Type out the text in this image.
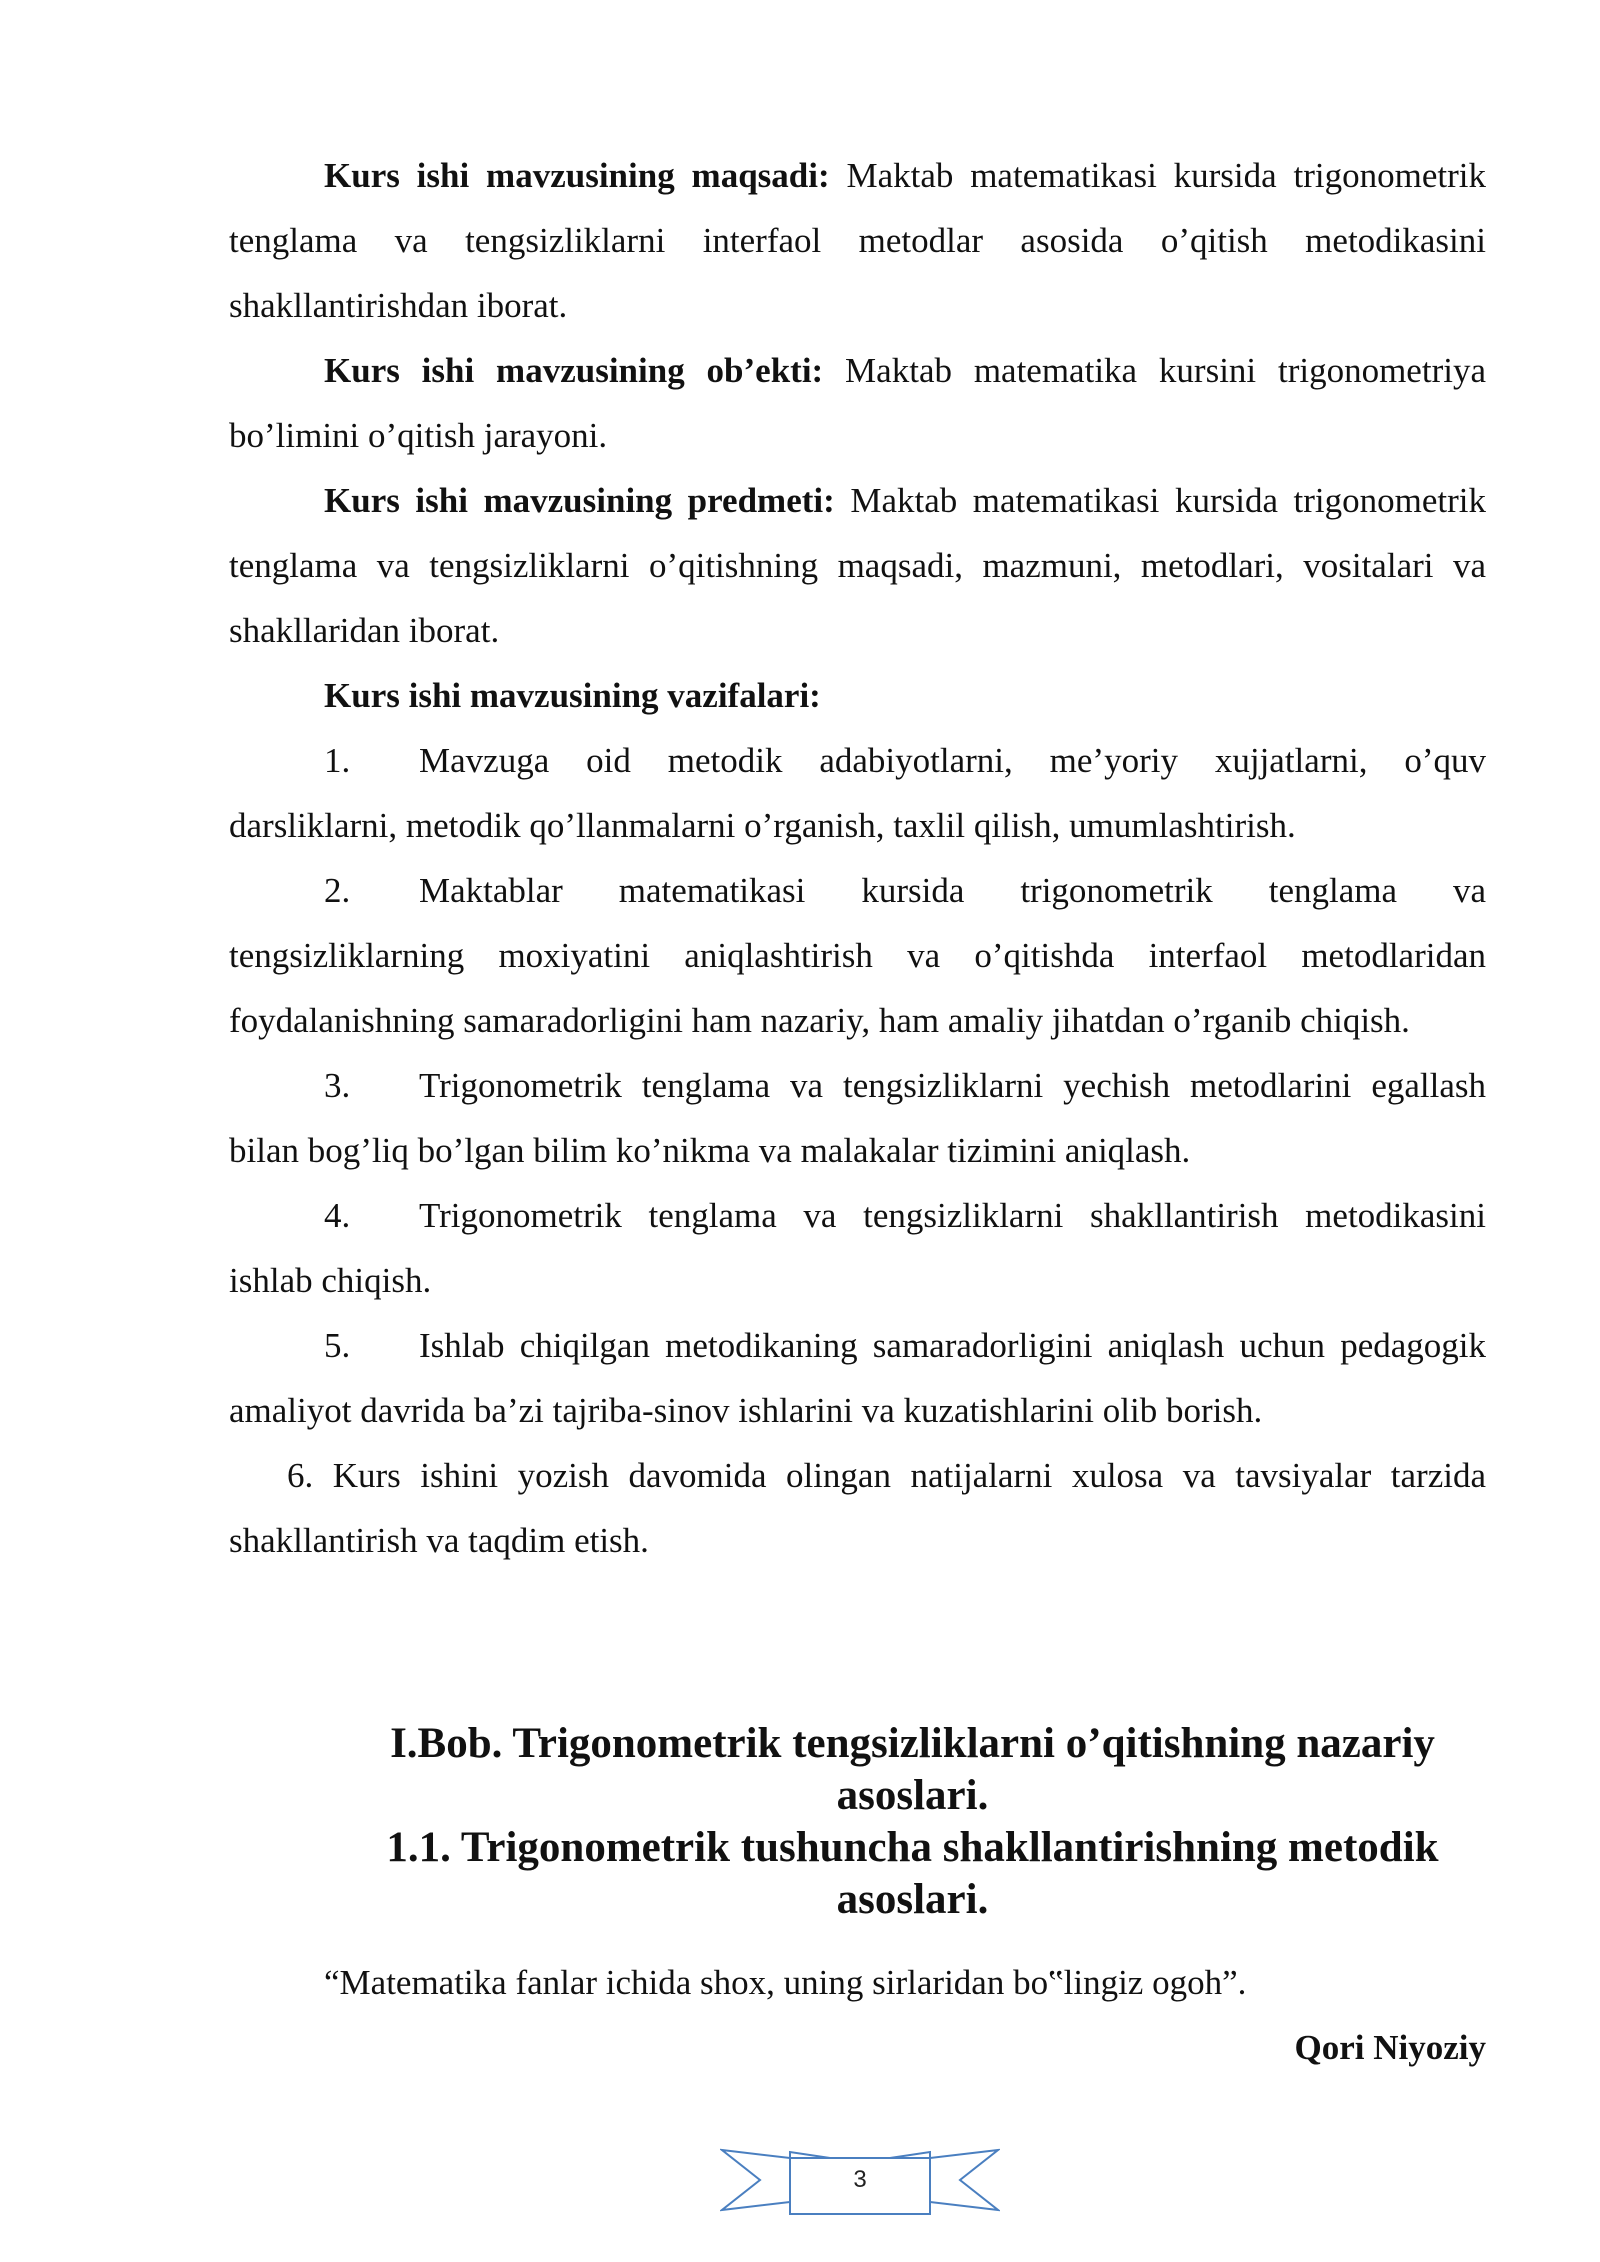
Kurs ishi mavzusining maqsadi: Maktab matematikasi kursida trigonometrik tenglama va tengsizliklarni interfaol metodlar asosida o’qitish metodikasini shakllantirishdan iborat.

Kurs ishi mavzusining ob’ekti: Maktab matematika kursini trigonometriya bo’limini o’qitish jarayoni.

Kurs ishi mavzusining predmeti: Maktab matematikasi kursida trigonometrik tenglama va tengsizliklarni o’qitishning maqsadi, mazmuni, metodlari, vositalari va shakllaridan iborat.

Kurs ishi mavzusining vazifalari:

1. Mavzuga oid metodik adabiyotlarni, me’yoriy xujjatlarni, o’quv darsliklarni, metodik qo’llanmalarni o’rganish, taxlil qilish, umumlashtirish.

2. Maktablar matematikasi kursida trigonometrik tenglama va tengsizliklarning moxiyatini aniqlashtirish va o’qitishda interfaol metodlaridan foydalanishning samaradorligini ham nazariy, ham amaliy jihatdan o’rganib chiqish.

3. Trigonometrik tenglama va tengsizliklarni yechish metodlarini egallash bilan bog’liq bo’lgan bilim ko’nikma va malakalar tizimini aniqlash.

4. Trigonometrik tenglama va tengsizliklarni shakllantirish metodikasini ishlab chiqish.

5. Ishlab chiqilgan metodikaning samaradorligini aniqlash uchun pedagogik amaliyot davrida ba’zi tajriba-sinov ishlarini va kuzatishlarini olib borish.

6. Kurs ishini yozish davomida olingan natijalarni xulosa va tavsiyalar tarzida shakllantirish va taqdim etish.

I.Bob. Trigonometrik tengsizliklarni o’qitishning nazariy
asoslari.
1.1. Trigonometrik tushuncha shakllantirishning metodik
asoslari.
“Matematika fanlar ichida shox, uning sirlaridan bo‟lingiz ogoh”.
Qori Niyoziy
3
